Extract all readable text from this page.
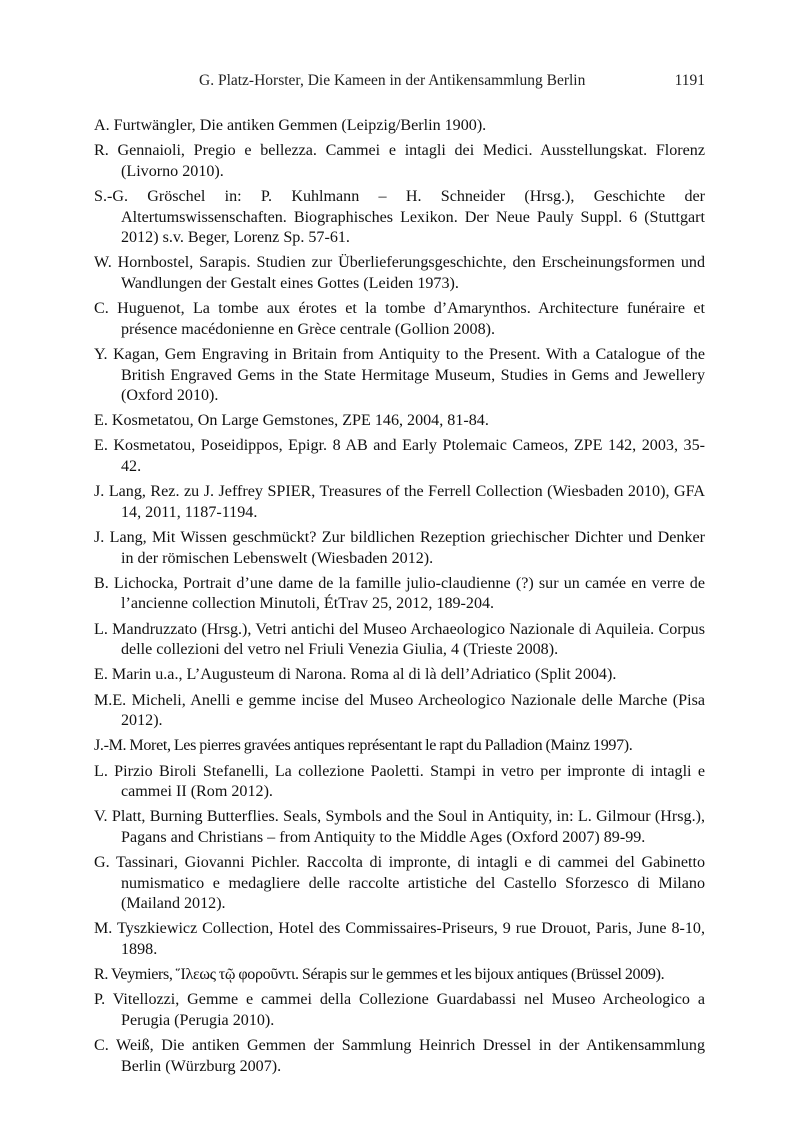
G. Platz-Horster, Die Kameen in der Antikensammlung Berlin	1191
A. Furtwängler, Die antiken Gemmen (Leipzig/Berlin 1900).
R. Gennaioli, Pregio e bellezza. Cammei e intagli dei Medici. Ausstellungskat. Florenz (Livorno 2010).
S.-G. Gröschel in: P. Kuhlmann – H. Schneider (Hrsg.), Geschichte der Altertumswissenschaften. Biographisches Lexikon. Der Neue Pauly Suppl. 6 (Stuttgart 2012) s.v. Beger, Lorenz Sp. 57-61.
W. Hornbostel, Sarapis. Studien zur Überlieferungsgeschichte, den Erscheinungsformen und Wandlungen der Gestalt eines Gottes (Leiden 1973).
C. Huguenot, La tombe aux érotes et la tombe d’Amarynthos. Architecture funéraire et présence macédonienne en Grèce centrale (Gollion 2008).
Y. Kagan, Gem Engraving in Britain from Antiquity to the Present. With a Catalogue of the British Engraved Gems in the State Hermitage Museum, Studies in Gems and Jewellery (Oxford 2010).
E. Kosmetatou, On Large Gemstones, ZPE 146, 2004, 81-84.
E. Kosmetatou, Poseidippos, Epigr. 8 AB and Early Ptolemaic Cameos, ZPE 142, 2003, 35-42.
J. Lang, Rez. zu J. Jeffrey SPIER, Treasures of the Ferrell Collection (Wiesbaden 2010), GFA 14, 2011, 1187-1194.
J. Lang, Mit Wissen geschmückt? Zur bildlichen Rezeption griechischer Dichter und Denker in der römischen Lebenswelt (Wiesbaden 2012).
B. Lichocka, Portrait d’une dame de la famille julio-claudienne (?) sur un camée en verre de l’ancienne collection Minutoli, ÉtTrav 25, 2012, 189-204.
L. Mandruzzato (Hrsg.), Vetri antichi del Museo Archaeologico Nazionale di Aquileia. Corpus delle collezioni del vetro nel Friuli Venezia Giulia, 4 (Trieste 2008).
E. Marin u.a., L’Augusteum di Narona. Roma al di là dell’Adriatico (Split 2004).
M.E. Micheli, Anelli e gemme incise del Museo Archeologico Nazionale delle Marche (Pisa 2012).
J.-M. Moret, Les pierres gravées antiques représentant le rapt du Palladion (Mainz 1997).
L. Pirzio Biroli Stefanelli, La collezione Paoletti. Stampi in vetro per impronte di intagli e cammei II (Rom 2012).
V. Platt, Burning Butterflies. Seals, Symbols and the Soul in Antiquity, in: L. Gilmour (Hrsg.), Pagans and Christians – from Antiquity to the Middle Ages (Oxford 2007) 89-99.
G. Tassinari, Giovanni Pichler. Raccolta di impronte, di intagli e di cammei del Gabinetto numismatico e medagliere delle raccolte artistiche del Castello Sforzesco di Milano (Mailand 2012).
M. Tyszkiewicz Collection, Hotel des Commissaires-Priseurs, 9 rue Drouot, Paris, June 8-10, 1898.
R. Veymiers, Ἵλεως τῷ φοροῦντι. Sérapis sur le gemmes et les bijoux antiques (Brüssel 2009).
P. Vitellozzi, Gemme e cammei della Collezione Guardabassi nel Museo Archeologico a Perugia (Perugia 2010).
C. Weiß, Die antiken Gemmen der Sammlung Heinrich Dressel in der Antikensammlung Berlin (Würzburg 2007).
